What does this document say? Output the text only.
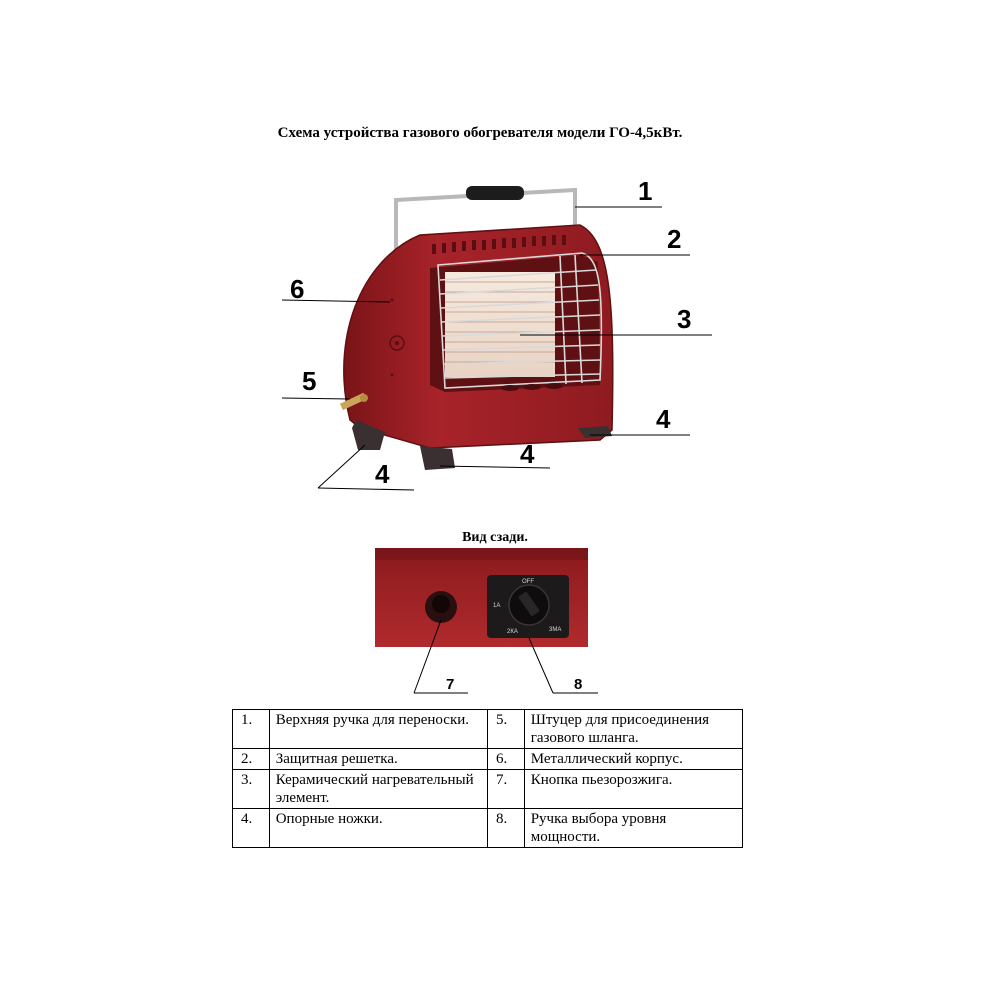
Схема устройства газового обогревателя модели ГО-4,5кВт.
1
2
3
6
5
4
4
4
OFF
1А
2КА	3МА
7	8
Вид сзади.
1.	Верхняя ручка для переноски.	5.	Штуцер для присоединения газового шланга.
2.	Защитная решетка.	6.	Металлический корпус.
3.	Керамический нагревательный элемент.	7.	Кнопка пьезорозжига.
4.	Опорные ножки.	8.	Ручка выбора уровня мощности.
